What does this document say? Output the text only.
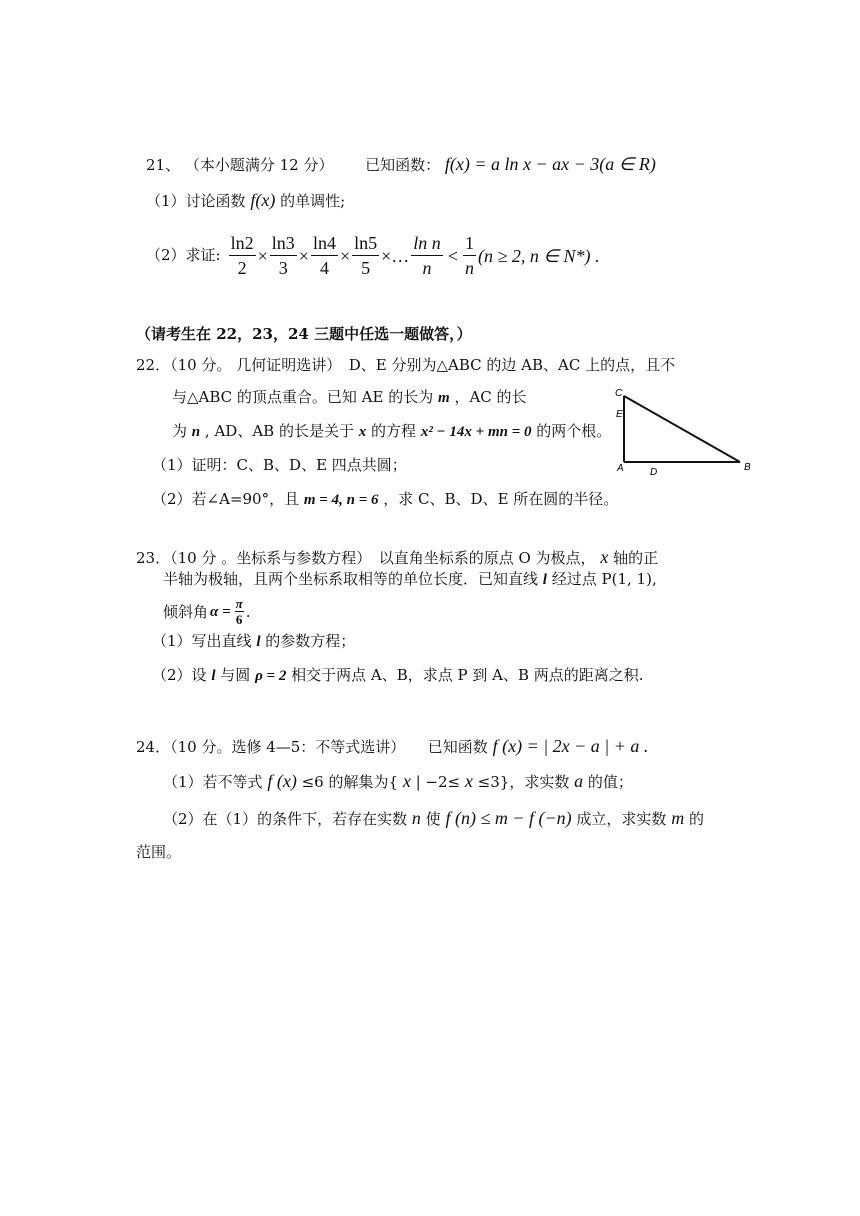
21、 （本小题满分 12 分） 已知函数： f(x) = a ln x − ax − 3(a ∈ R)
（1）讨论函数 f(x) 的单调性;
（2）求证: $\frac{\ln 2}{2} \times \frac{\ln 3}{3} \times \frac{\ln 4}{4} \times \frac{\ln 5}{5}$ ×… $\frac{\text{ln n}}{n} < \frac{1}{n} (n \ge 2$, n ∈ N*) .
（请考生在 22，23，24 三题中任选一题做答，）
22．（10 分。 几何证明选讲）　D、E 分别为△ABC 的边 AB、AC 上的点，且不
与△ABC 的顶点重合。已知 AE 的长为 m ，AC 的长
为 n , AD、AB 的长是关于 x 的方程 x² − 14x + mn = 0 的两个根。
（1）证明：C、B、D、E 四点共圆；
（2）若∠A=90°，且 m = 4, n = 6 ，求 C、B、D、E 所在圆的半径。
C
E
A	D	B
23．（10 分 。坐标系与参数方程）　以直角坐标系的原点 O 为极点， x 轴的正
半轴为极轴，且两个坐标系取相等的单位长度．已知直线 l 经过点 P(1, 1),
倾斜角 $\alpha = \frac{\pi}{6}$ .
（1）写出直线 l 的参数方程；
（2）设 l 与圆 ρ = 2 相交于两点 A、B，求点 P 到 A、B 两点的距离之积.
24．（10 分。选修 4—5：不等式选讲）　　已知函数 f (x) = | 2x − a | + a .
（1）若不等式 f (x) ≤6 的解集为{ x | −2≤ x ≤3}，求实数 a 的值；
（2）在（1）的条件下，若存在实数 n 使 f (n) ≤ m − f (−n) 成立，求实数 m 的
范围。
